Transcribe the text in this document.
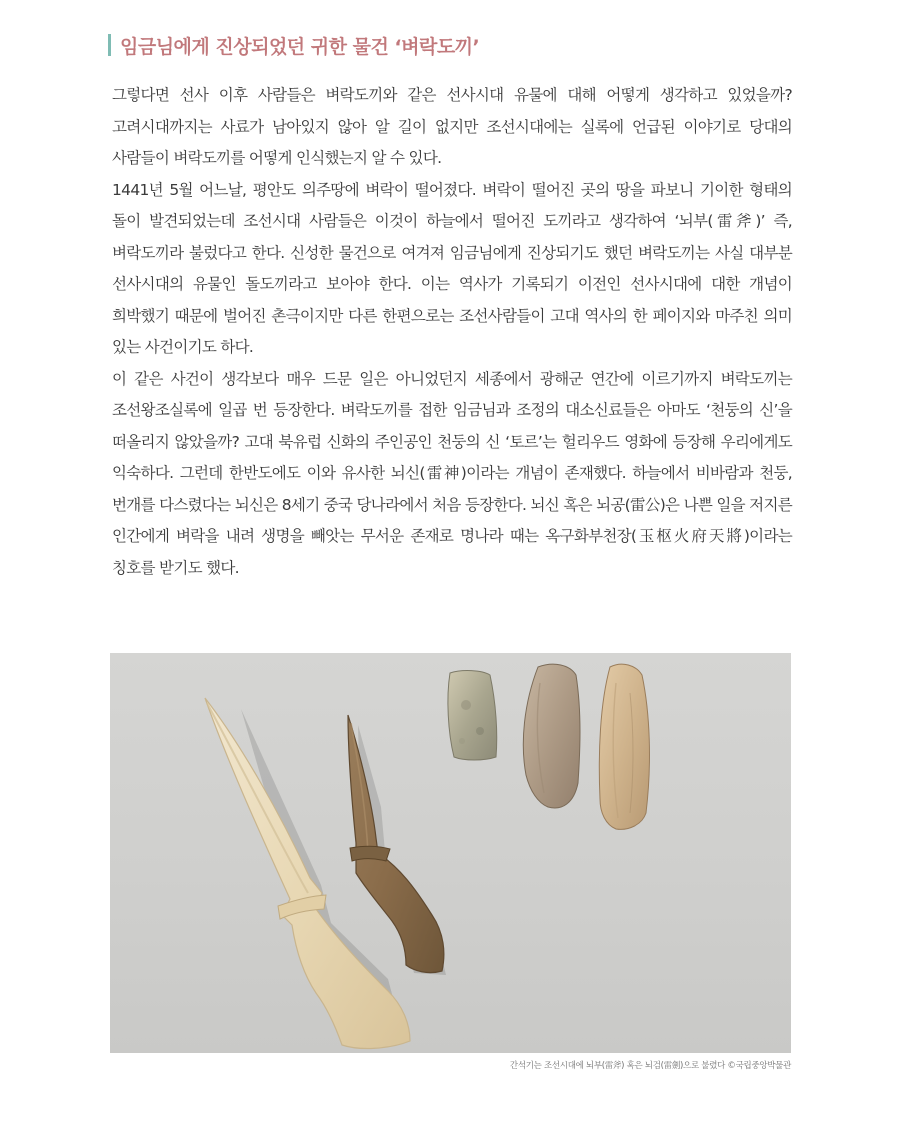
임금님에게 진상되었던 귀한 물건 ‘벼락도끼’

그렇다면 선사 이후 사람들은 벼락도끼와 같은 선사시대 유물에 대해 어떻게 생각하고 있었을까? 고려시대까지는 사료가 남아있지 않아 알 길이 없지만 조선시대에는 실록에 언급된 이야기로 당대의 사람들이 벼락도끼를 어떻게 인식했는지 알 수 있다.

1441년 5월 어느날, 평안도 의주땅에 벼락이 떨어졌다. 벼락이 떨어진 곳의 땅을 파보니 기이한 형태의 돌이 발견되었는데 조선시대 사람들은 이것이 하늘에서 떨어진 도끼라고 생각하여 ‘뇌부(雷斧)’ 즉, 벼락도끼라 불렀다고 한다. 신성한 물건으로 여겨져 임금님에게 진상되기도 했던 벼락도끼는 사실 대부분 선사시대의 유물인 돌도끼라고 보아야 한다. 이는 역사가 기록되기 이전인 선사시대에 대한 개념이 희박했기 때문에 벌어진 촌극이지만 다른 한편으로는 조선사람들이 고대 역사의 한 페이지와 마주친 의미 있는 사건이기도 하다.

이 같은 사건이 생각보다 매우 드문 일은 아니었던지 세종에서 광해군 연간에 이르기까지 벼락도끼는 조선왕조실록에 일곱 번 등장한다. 벼락도끼를 접한 임금님과 조정의 대소신료들은 아마도 ‘천둥의 신’을 떠올리지 않았을까? 고대 북유럽 신화의 주인공인 천둥의 신 ‘토르’는 헐리우드 영화에 등장해 우리에게도 익숙하다. 그런데 한반도에도 이와 유사한 뇌신(雷神)이라는 개념이 존재했다. 하늘에서 비바람과 천둥, 번개를 다스렸다는 뇌신은 8세기 중국 당나라에서 처음 등장한다. 뇌신 혹은 뇌공(雷公)은 나쁜 일을 저지른 인간에게 벼락을 내려 생명을 빼앗는 무서운 존재로 명나라 때는 옥구화부천장(玉枢火府天將)이라는 칭호를 받기도 했다.

간석기는 조선시대에 뇌부(雷斧) 혹은 뇌검(雷劍)으로 불렸다 ©국립중앙박물관
